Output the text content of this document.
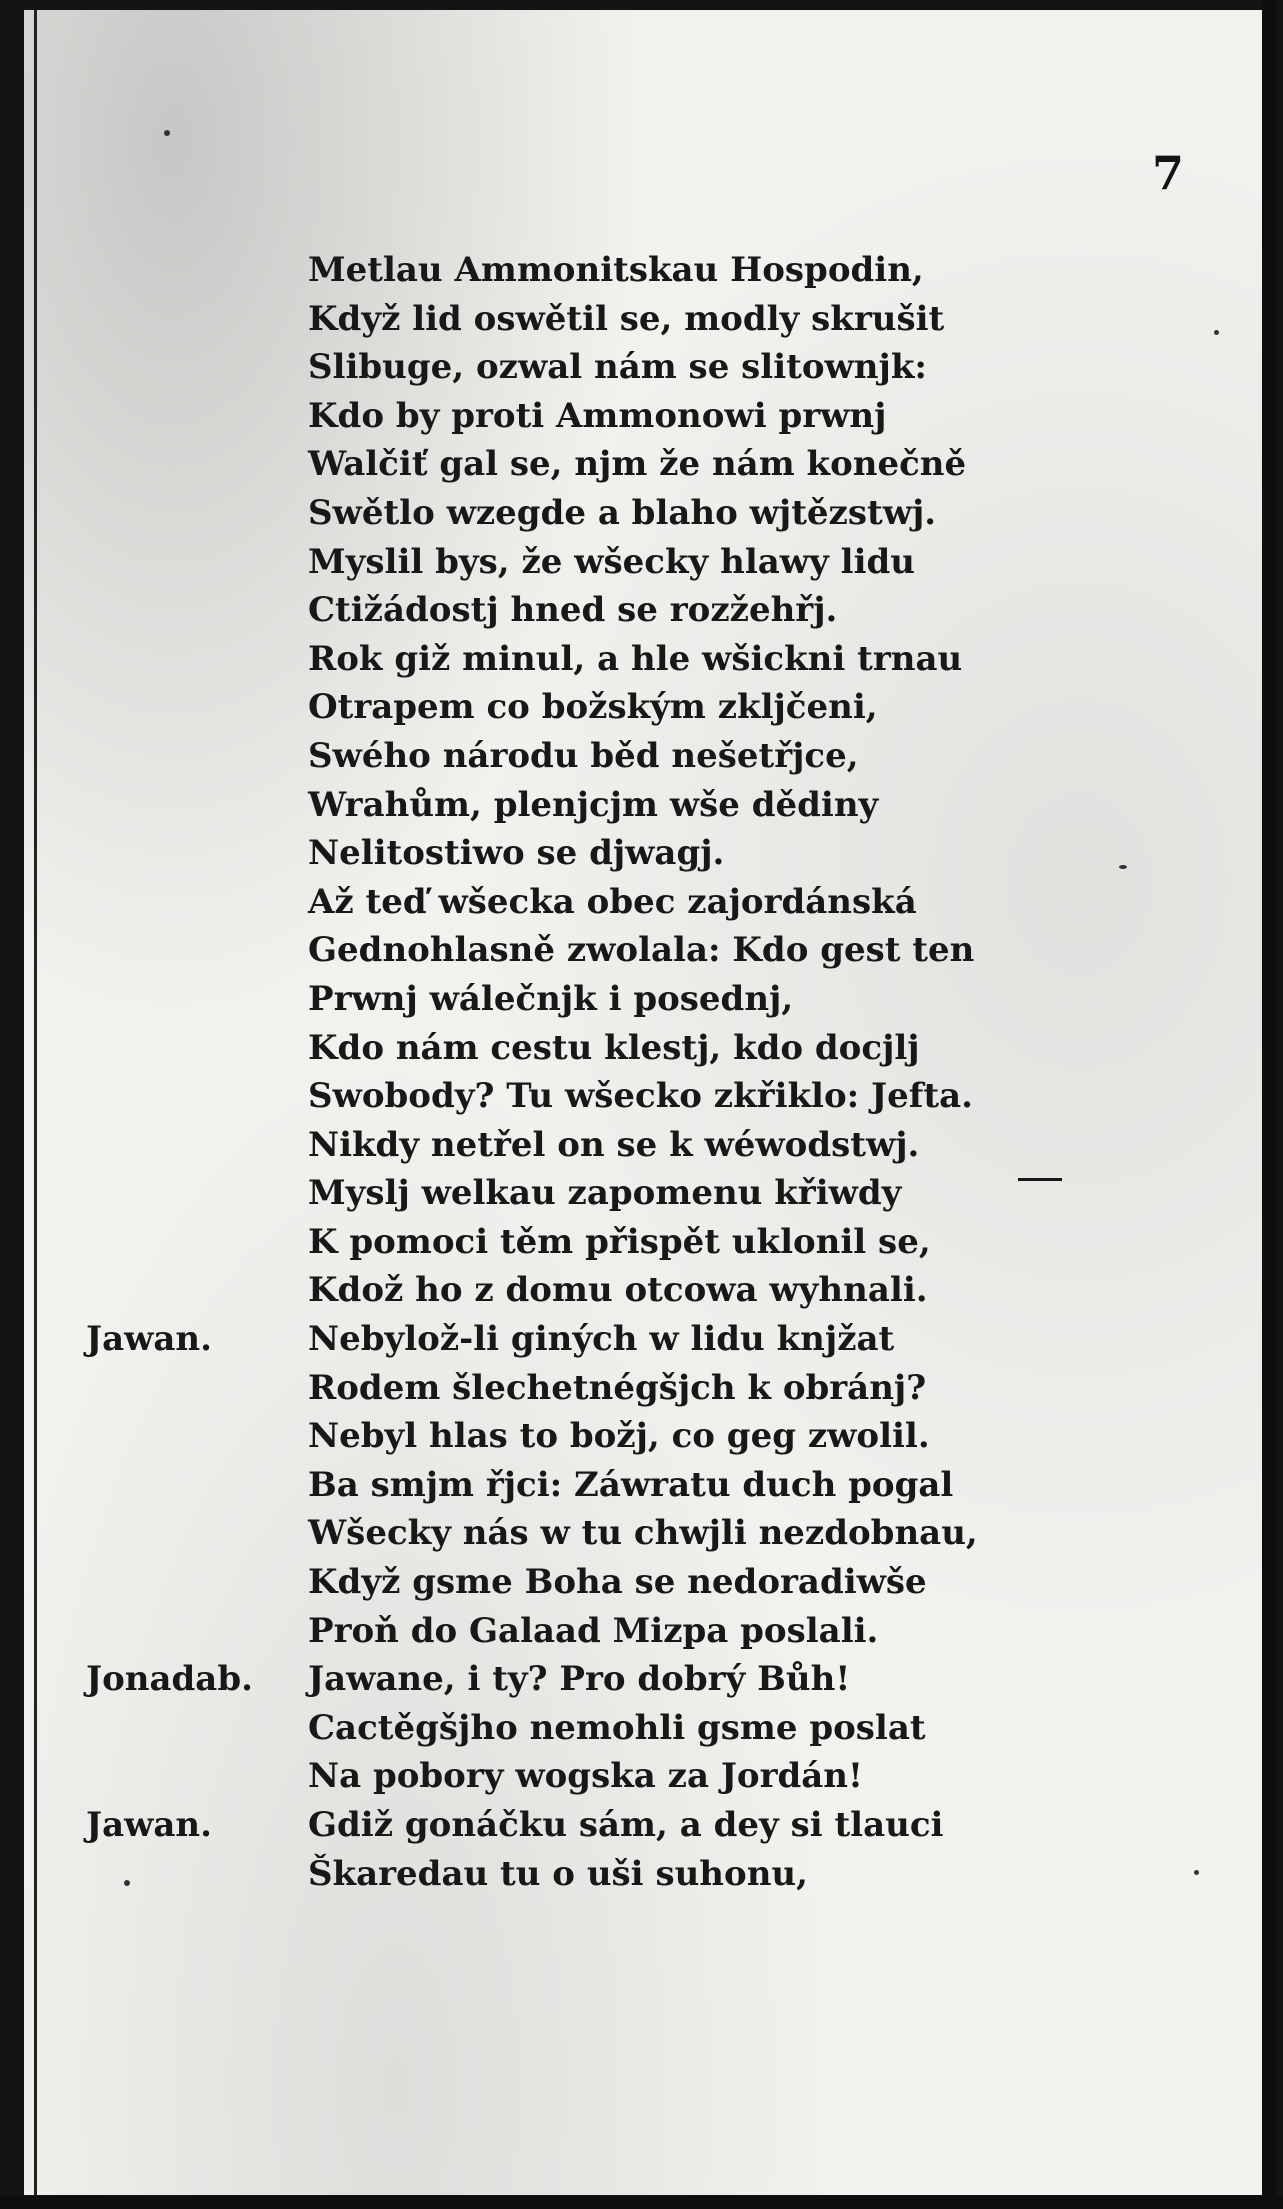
7
Metlau Ammonitskau Hospodin,
Když lid oswětil se, modly skrušit
Slibuge, ozwal nám se slitownjk:
Kdo by proti Ammonowi prwnj
Walčiť gal se, njm že nám konečně
Swětlo wzegde a blaho wjtězstwj.
Myslil bys, že wšecky hlawy lidu
Ctižádostj hned se rozžehřj.
Rok giž minul, a hle wšickni trnau
Otrapem co božským zkljčeni,
Swého národu běd nešetřjce,
Wrahům, plenjcjm wše dědiny
Nelitostiwo se djwagj.
Až teď wšecka obec zajordánská
Gednohlasně zwolala: Kdo gest ten
Prwnj wálečnjk i posednj,
Kdo nám cestu klestj, kdo docjlj
Swobody? Tu wšecko zkřiklo: Jefta.
Nikdy netřel on se k wéwodstwj.
Myslj welkau zapomenu křiwdy
K pomoci těm přispět uklonil se,
Kdož ho z domu otcowa wyhnali.
Jawan.	Nebylož-li giných w lidu knjžat
Rodem šlechetnégšjch k obránj?
Nebyl hlas to božj, co geg zwolil.
Ba smjm řjci: Záwratu duch pogal
Wšecky nás w tu chwjli nezdobnau,
Když gsme Boha se nedoradiwše
Proň do Galaad Mizpa poslali.
Jonadab. Jawane, i ty? Pro dobrý Bůh!
Cactěgšjho nemohli gsme poslat
Na pobory wogska za Jordán!
Jawan.	Gdiž gonáčku sám, a dey si tlauci
Škaredau tu o uši suhonu,
